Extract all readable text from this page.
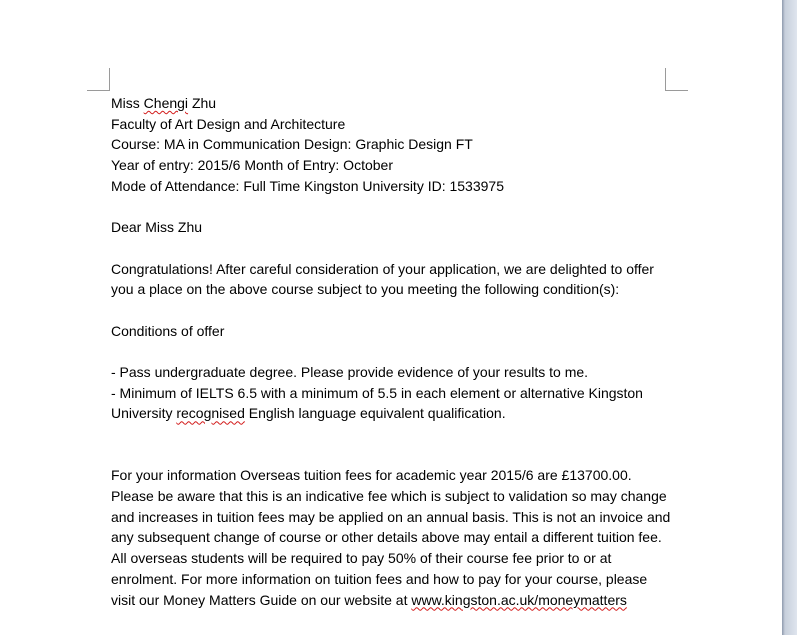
Miss Chengi Zhu
Faculty of Art Design and Architecture
Course: MA in Communication Design: Graphic Design FT
Year of entry: 2015/6 Month of Entry: October
Mode of Attendance: Full Time Kingston University ID: 1533975
Dear Miss Zhu
Congratulations! After careful consideration of your application, we are delighted to offer
you a place on the above course subject to you meeting the following condition(s):
Conditions of offer
- Pass undergraduate degree. Please provide evidence of your results to me.
- Minimum of IELTS 6.5 with a minimum of 5.5 in each element or alternative Kingston
University recognised English language equivalent qualification.
For your information Overseas tuition fees for academic year 2015/6 are £13700.00.
Please be aware that this is an indicative fee which is subject to validation so may change
and increases in tuition fees may be applied on an annual basis. This is not an invoice and
any subsequent change of course or other details above may entail a different tuition fee.
All overseas students will be required to pay 50% of their course fee prior to or at
enrolment. For more information on tuition fees and how to pay for your course, please
visit our Money Matters Guide on our website at www.kingston.ac.uk/moneymatters
